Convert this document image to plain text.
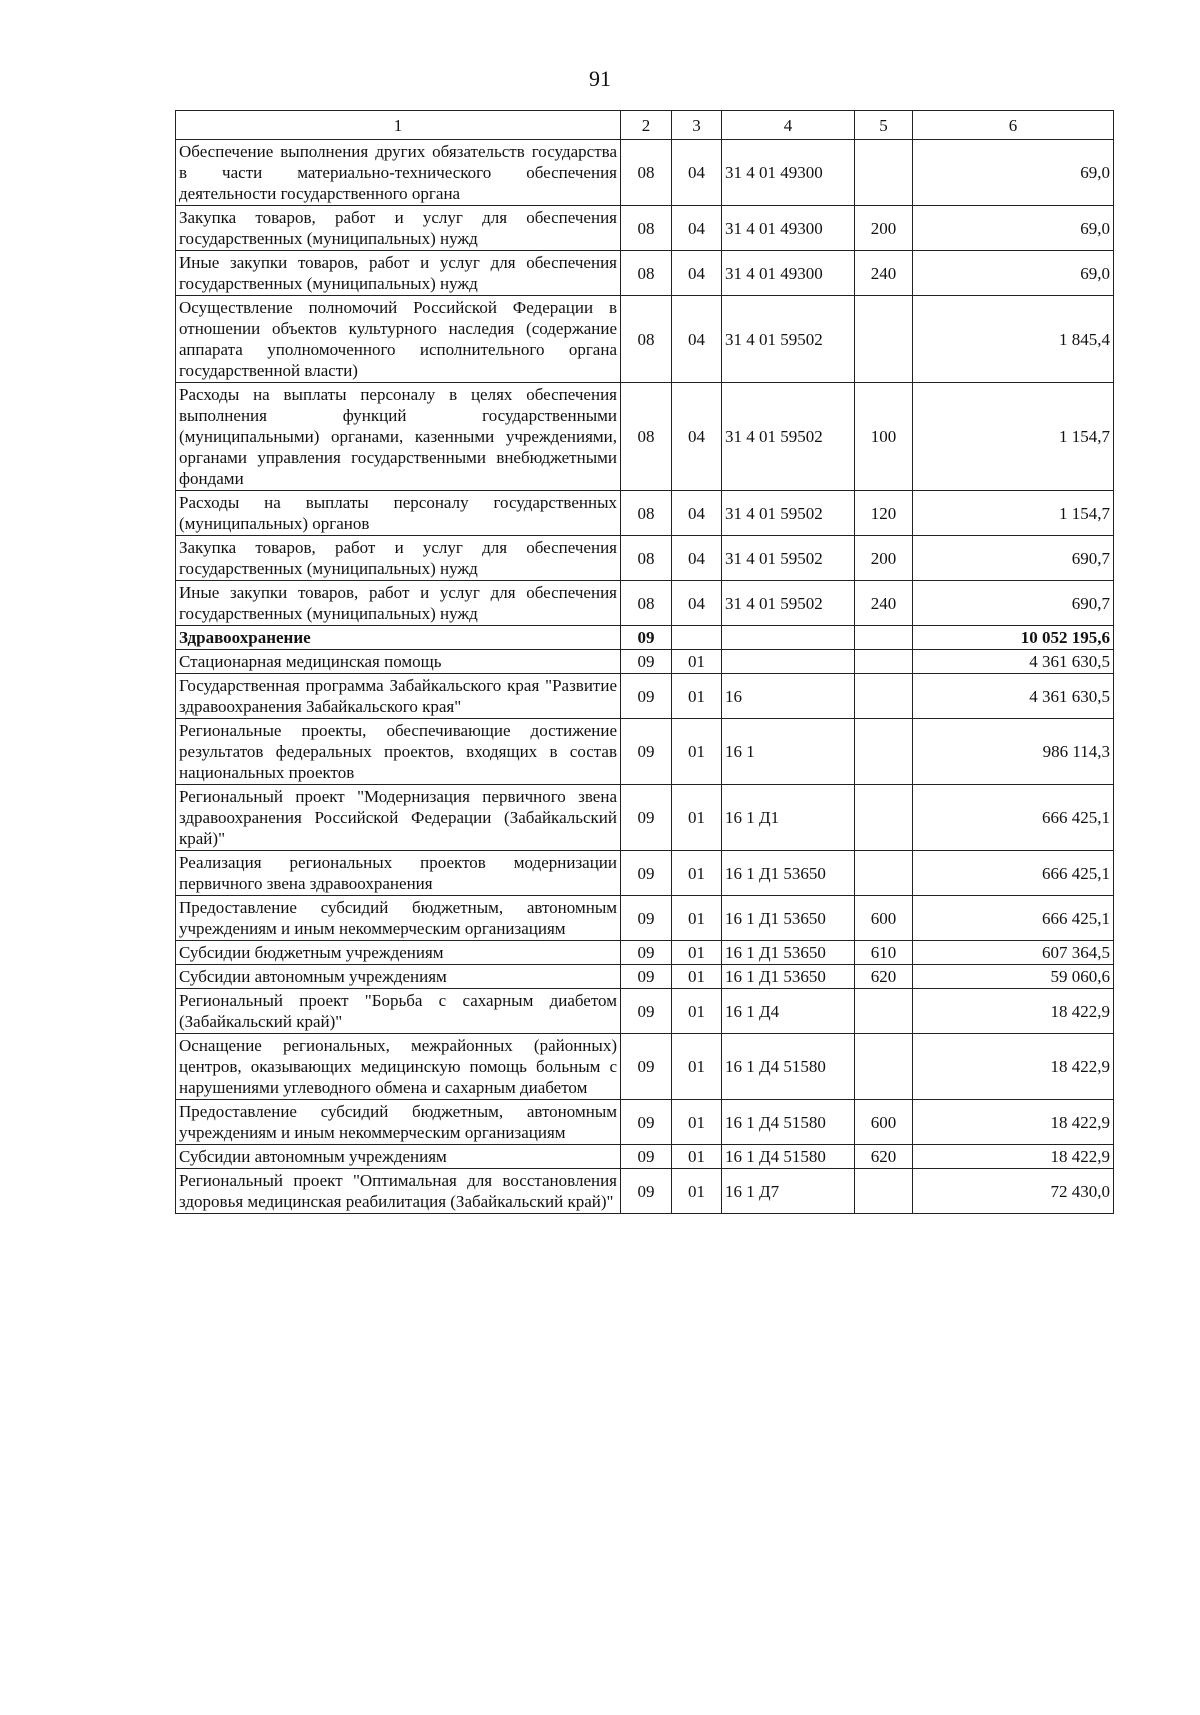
91
1	2	3	4	5	6
Обеспечение выполнения других обязательств государства в части материально-технического обеспечения деятельности государственного органа	08	04	31 4 01 49300		69,0
Закупка товаров, работ и услуг для обеспечения государственных (муниципальных) нужд	08	04	31 4 01 49300	200	69,0
Иные закупки товаров, работ и услуг для обеспечения государственных (муниципальных) нужд	08	04	31 4 01 49300	240	69,0
Осуществление полномочий Российской Федерации в отношении объектов культурного наследия (содержание аппарата уполномоченного исполнительного органа государственной власти)	08	04	31 4 01 59502		1 845,4
Расходы на выплаты персоналу в целях обеспечения выполнения функций государственными (муниципальными) органами, казенными учреждениями, органами управления государственными внебюджетными фондами	08	04	31 4 01 59502	100	1 154,7
Расходы на выплаты персоналу государственных (муниципальных) органов	08	04	31 4 01 59502	120	1 154,7
Закупка товаров, работ и услуг для обеспечения государственных (муниципальных) нужд	08	04	31 4 01 59502	200	690,7
Иные закупки товаров, работ и услуг для обеспечения государственных (муниципальных) нужд	08	04	31 4 01 59502	240	690,7
Здравоохранение	09				10 052 195,6
Стационарная медицинская помощь	09	01			4 361 630,5
Государственная программа Забайкальского края "Развитие здравоохранения Забайкальского края"	09	01	16		4 361 630,5
Региональные проекты, обеспечивающие достижение результатов федеральных проектов, входящих в состав национальных проектов	09	01	16 1		986 114,3
Региональный проект "Модернизация первичного звена здравоохранения Российской Федерации (Забайкальский край)"	09	01	16 1 Д1		666 425,1
Реализация региональных проектов модернизации первичного звена здравоохранения	09	01	16 1 Д1 53650		666 425,1
Предоставление субсидий бюджетным, автономным учреждениям и иным некоммерческим организациям	09	01	16 1 Д1 53650	600	666 425,1
Субсидии бюджетным учреждениям	09	01	16 1 Д1 53650	610	607 364,5
Субсидии автономным учреждениям	09	01	16 1 Д1 53650	620	59 060,6
Региональный проект "Борьба с сахарным диабетом (Забайкальский край)"	09	01	16 1 Д4		18 422,9
Оснащение региональных, межрайонных (районных) центров, оказывающих медицинскую помощь больным с нарушениями углеводного обмена и сахарным диабетом	09	01	16 1 Д4 51580		18 422,9
Предоставление субсидий бюджетным, автономным учреждениям и иным некоммерческим организациям	09	01	16 1 Д4 51580	600	18 422,9
Субсидии автономным учреждениям	09	01	16 1 Д4 51580	620	18 422,9
Региональный проект "Оптимальная для восстановления здоровья медицинская реабилитация (Забайкальский край)"	09	01	16 1 Д7		72 430,0
